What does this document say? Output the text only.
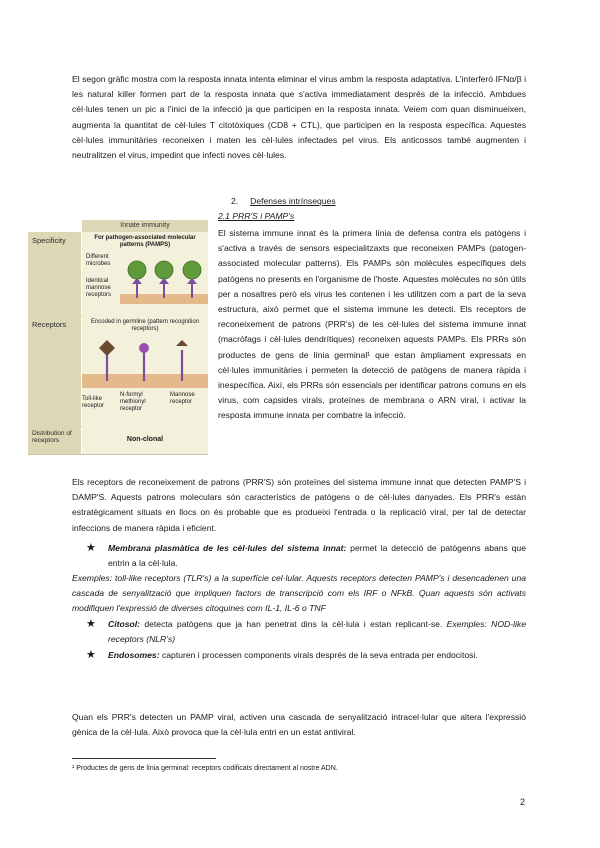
El segon gràfic mostra com la resposta innata intenta eliminar el virus ambm la resposta adaptativa. L'interferó IFNα/β i les natural killer formen part de la resposta innata que s'activa immediatament després de la infecció. Ambdues cèl·lules tenen un pic a l'inici de la infecció ja que participen en la resposta innata. Veiem com quan disminueixen, augmenta la quantitat de cèl·lules T citotòxiques (CD8 + CTL), que participen en la resposta específica. Aquestes cèl·lules immunitàries reconeixen i maten les cèl·lules infectades pel virus. Els anticossos també augmenten i neutralitzen el virus, impedint que infecti noves cèl·lules.

2. Defenses intrínseques
2.1 PRR'S i PAMP's

El sistema immune innat és la primera línia de defensa contra els patògens i s'activa a través de sensors especialitzaxts que reconeixen PAMPs (patogen-associated molecular patterns). Els PAMPs són molècules específiques dels patògens no presents en l'organisme de l'hoste. Aquestes molècules no són útils per a nosaltres però els virus les contenen i les utilitzen com a part de la seva estructura, això permet que el sistema immune les detecti. Els receptors de reconeixement de patrons (PRR's) de les cèl·lules del sistema immune innat (macròfags i cèl·lules dendrítiques) reconeixen aquests PAMPs. Els PRRs són productes de gens de línia germinal¹ que estan àmpliament expressats en cèl·lules immunitàries i permeten la detecció de patògens de manera ràpida i inespecífica. Així, els PRRs són essencials per identificar patrons comuns en els virus, com capsides virals, proteïnes de membrana o ARN viral, i activar la resposta immune innata per combatre la infecció.

Innate immunity
Specificity	For pathogen-associated molecular patterns (PAMPS)
Different microbes
Identical mannose receptors
Receptors	Encoded in germline (pattern recognition receptors)
Toll-like receptor
N-formyl methionyl receptor
Mannose receptor
Distribution of receptors	Non-clonal

Els receptors de reconeixement de patrons (PRR'S) són proteïnes del sistema immune innat que detecten PAMP'S i DAMP'S. Aquests patrons moleculars són característics de patògens o de cèl·lules danyades. Els PRR's estàn estratègicament situats en llocs on és probable que es produeixi l'entrada o la replicació viral, per tal de detectar infeccions de manera ràpida i eficient.

★ Membrana plasmàtica de les cèl·lules del sistema innat: permet la detecció de patògenns abans que entrin a la cèl·lula.

Exemples: toll-like receptors (TLR's) a la superfície cel·lular. Aquests receptors detecten PAMP's i desencadenen una cascada de senyalització que impliquen factors de transcripció com els IRF o NFkB. Quan aquests són activats modifiquen l'expressió de diverses citoquines com IL-1, IL-6 o TNF

★ Citosol: detecta patògens que ja han penetrat dins la cèl·lula i estan replicant-se. Exemples: NOD-like receptors (NLR's)
★ Endosomes: capturen i processen components virals després de la seva entrada per endocitosi.

Quan els PRR's detecten un PAMP viral, activen una cascada de senyalització intracel·lular que altera l'expressió gènica de la cèl·lula. Això provoca que la cèl·lula entri en un estat antiviral.

¹ Productes de gens de línia germinal: receptors codificats directament al nostre ADN.
2
